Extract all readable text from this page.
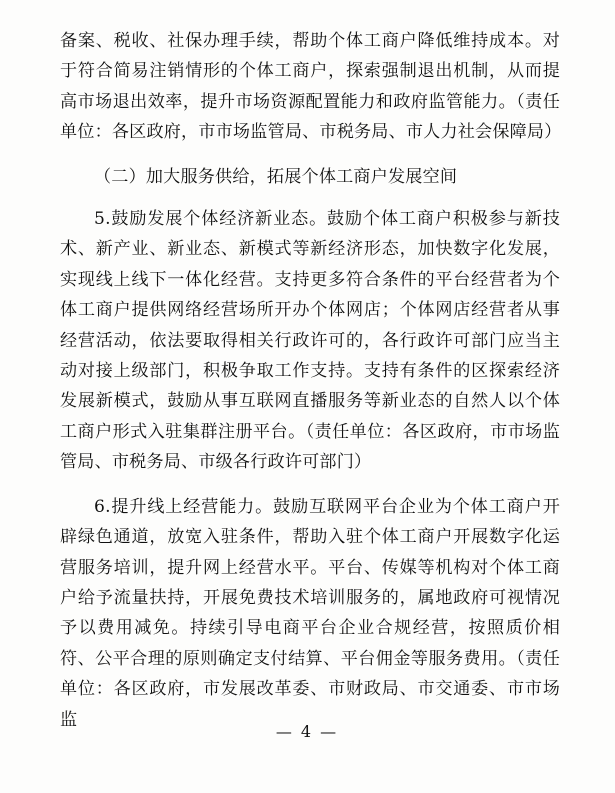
备案、税收、社保办理手续，帮助个体工商户降低维持成本。对于符合简易注销情形的个体工商户，探索强制退出机制，从而提高市场退出效率，提升市场资源配置能力和政府监管能力。（责任单位：各区政府，市市场监管局、市税务局、市人力社会保障局）

（二）加大服务供给，拓展个体工商户发展空间

5.鼓励发展个体经济新业态。鼓励个体工商户积极参与新技术、新产业、新业态、新模式等新经济形态，加快数字化发展，实现线上线下一体化经营。支持更多符合条件的平台经营者为个体工商户提供网络经营场所开办个体网店；个体网店经营者从事经营活动，依法要取得相关行政许可的，各行政许可部门应当主动对接上级部门，积极争取工作支持。支持有条件的区探索经济发展新模式，鼓励从事互联网直播服务等新业态的自然人以个体工商户形式入驻集群注册平台。（责任单位：各区政府，市市场监管局、市税务局、市级各行政许可部门）

6.提升线上经营能力。鼓励互联网平台企业为个体工商户开辟绿色通道，放宽入驻条件，帮助入驻个体工商户开展数字化运营服务培训，提升网上经营水平。平台、传媒等机构对个体工商户给予流量扶持，开展免费技术培训服务的，属地政府可视情况予以费用减免。持续引导电商平台企业合规经营，按照质价相符、公平合理的原则确定支付结算、平台佣金等服务费用。（责任单位：各区政府，市发展改革委、市财政局、市交通委、市市场监

— 4 —
